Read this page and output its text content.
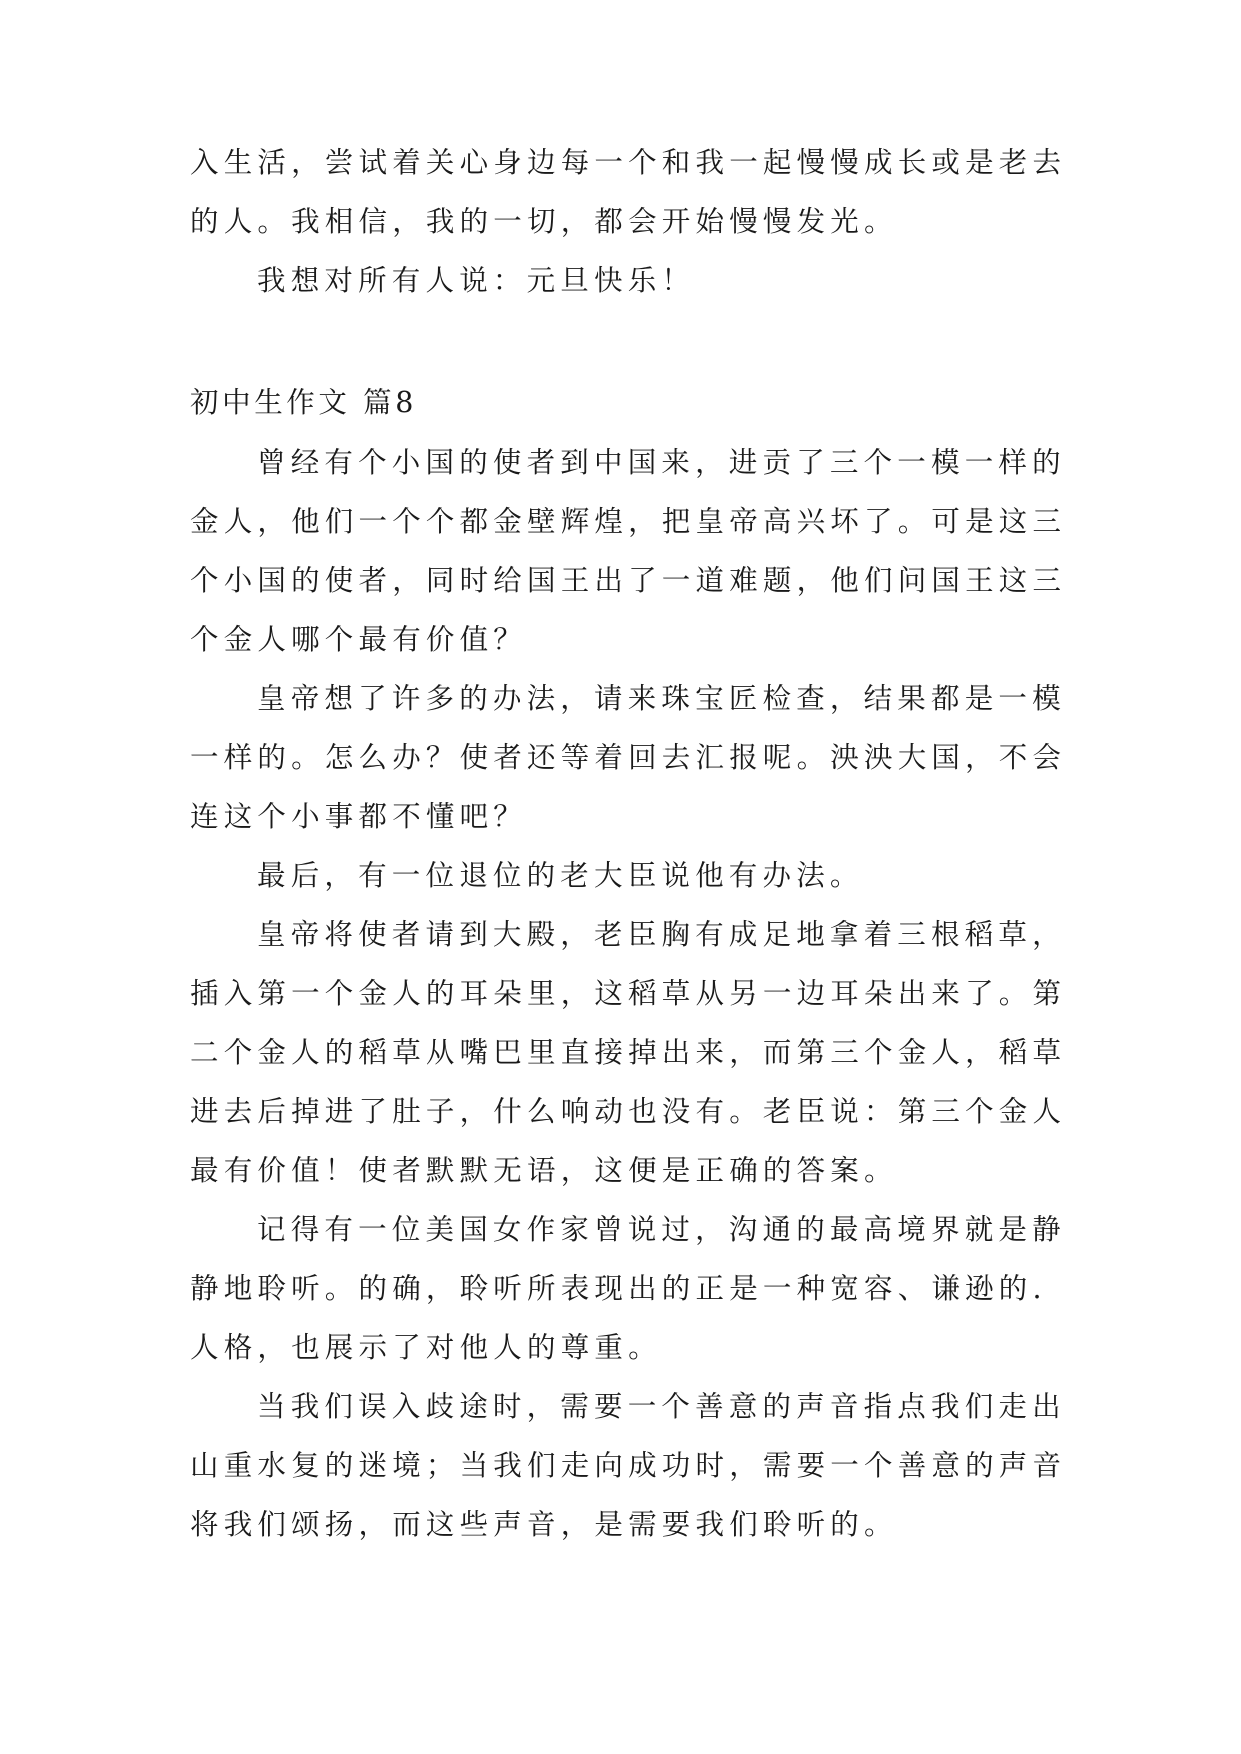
入生活，尝试着关心身边每一个和我一起慢慢成长或是老去

的人。我相信，我的一切，都会开始慢慢发光。

我想对所有人说：元旦快乐！

初中生作文 篇8

曾经有个小国的使者到中国来，进贡了三个一模一样的

金人，他们一个个都金壁辉煌，把皇帝高兴坏了。可是这三

个小国的使者，同时给国王出了一道难题，他们问国王这三

个金人哪个最有价值？

皇帝想了许多的办法，请来珠宝匠检查，结果都是一模

一样的。怎么办？使者还等着回去汇报呢。泱泱大国，不会

连这个小事都不懂吧？

最后，有一位退位的老大臣说他有办法。

皇帝将使者请到大殿，老臣胸有成足地拿着三根稻草，

插入第一个金人的耳朵里，这稻草从另一边耳朵出来了。第

二个金人的稻草从嘴巴里直接掉出来，而第三个金人，稻草

进去后掉进了肚子，什么响动也没有。老臣说：第三个金人

最有价值！使者默默无语，这便是正确的答案。

记得有一位美国女作家曾说过，沟通的最高境界就是静

静地聆听。的确，聆听所表现出的正是一种宽容、谦逊的.

人格，也展示了对他人的尊重。

当我们误入歧途时，需要一个善意的声音指点我们走出

山重水复的迷境；当我们走向成功时，需要一个善意的声音

将我们颂扬，而这些声音，是需要我们聆听的。
